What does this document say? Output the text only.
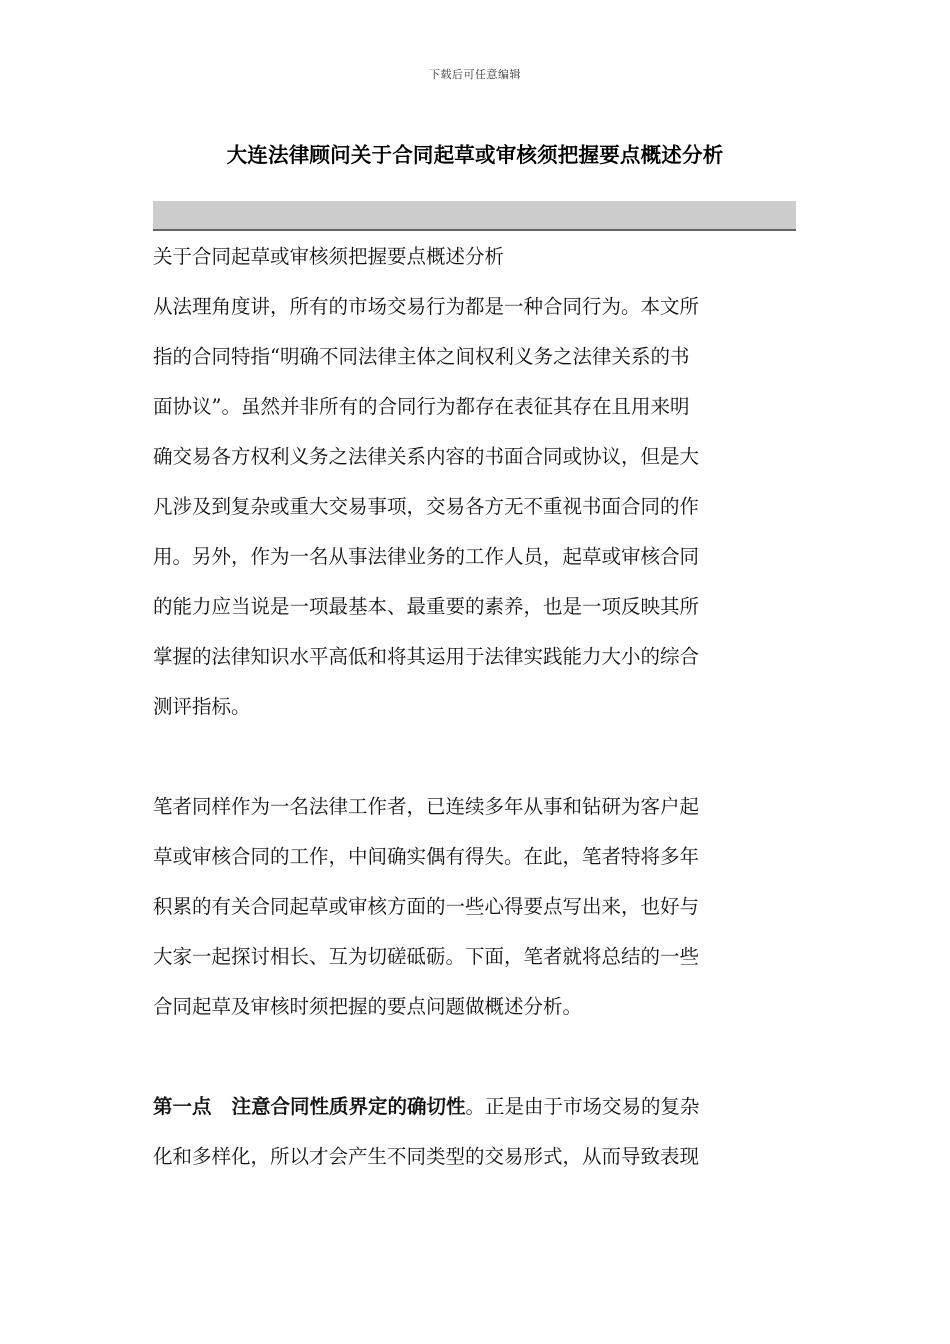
下载后可任意编辑
大连法律顾问关于合同起草或审核须把握要点概述分析
关于合同起草或审核须把握要点概述分析
从法理角度讲，所有的市场交易行为都是一种合同行为。本文所
指的合同特指“明确不同法律主体之间权利义务之法律关系的书
面协议”。虽然并非所有的合同行为都存在表征其存在且用来明
确交易各方权利义务之法律关系内容的书面合同或协议，但是大
凡涉及到复杂或重大交易事项，交易各方无不重视书面合同的作
用。另外，作为一名从事法律业务的工作人员，起草或审核合同
的能力应当说是一项最基本、最重要的素养，也是一项反映其所
掌握的法律知识水平高低和将其运用于法律实践能力大小的综合
测评指标。
笔者同样作为一名法律工作者，已连续多年从事和钻研为客户起
草或审核合同的工作，中间确实偶有得失。在此，笔者特将多年
积累的有关合同起草或审核方面的一些心得要点写出来，也好与
大家一起探讨相长、互为切磋砥砺。下面，笔者就将总结的一些
合同起草及审核时须把握的要点问题做概述分析。
第一点 注意合同性质界定的确切性。正是由于市场交易的复杂
化和多样化，所以才会产生不同类型的交易形式，从而导致表现
